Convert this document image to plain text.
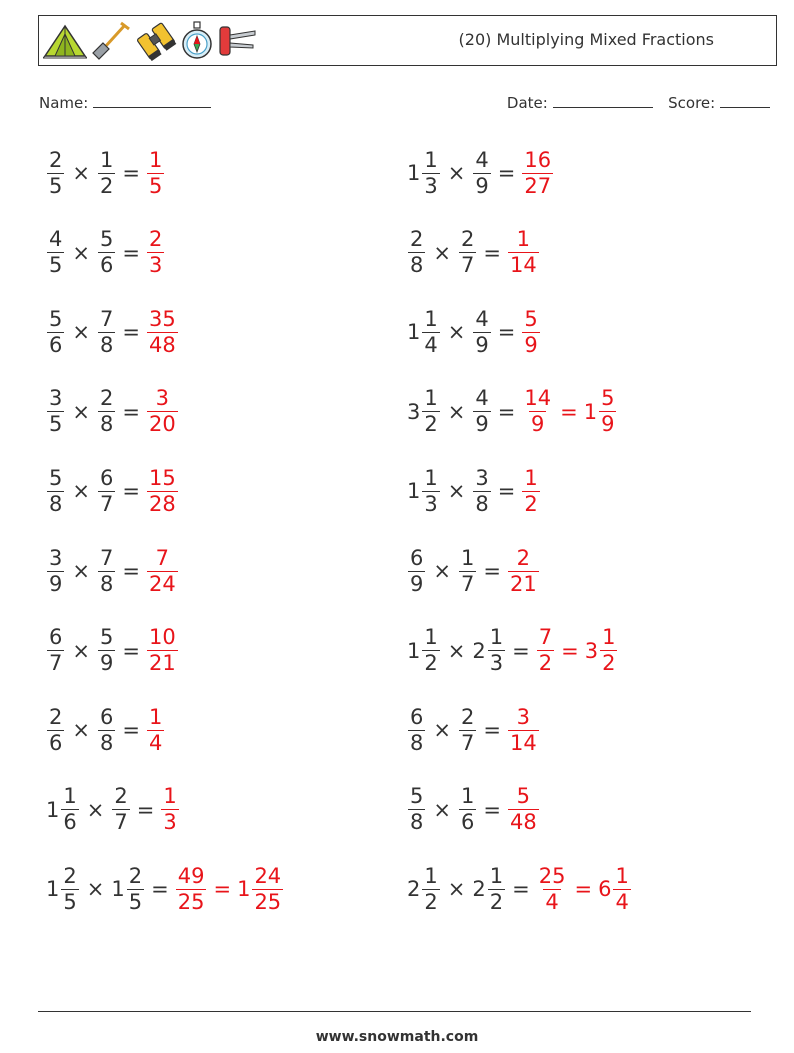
(20) Multiplying Mixed Fractions
Name:	Date:	Score:
$\frac{2}{5} \times \frac{1}{2} = \frac{1}{5}$
$\frac{4}{5} \times \frac{5}{6} = \frac{2}{3}$
$\frac{5}{6} \times \frac{7}{8} = \frac{35}{48}$
$\frac{3}{5} \times \frac{2}{8} = \frac{3}{20}$
$\frac{5}{8} \times \frac{6}{7} = \frac{15}{28}$
$\frac{3}{9} \times \frac{7}{8} = \frac{7}{24}$
$\frac{6}{7} \times \frac{5}{9} = \frac{10}{21}$
$\frac{2}{6} \times \frac{6}{8} = \frac{1}{4}$
$1 \frac{1}{6} \times \frac{2}{7} = \frac{1}{3}$
$1 \frac{2}{5} \times 1 \frac{2}{5} = \frac{49}{25} = 1 \frac{24}{25}$
$1 \frac{1}{3} \times \frac{4}{9} = \frac{16}{27}$
$\frac{2}{8} \times \frac{2}{7} = \frac{1}{14}$
$1 \frac{1}{4} \times \frac{4}{9} = \frac{5}{9}$
$3 \frac{1}{2} \times \frac{4}{9} = \frac{14}{9} = 1 \frac{5}{9}$
$1 \frac{1}{3} \times \frac{3}{8} = \frac{1}{2}$
$\frac{6}{9} \times \frac{1}{7} = \frac{2}{21}$
$1 \frac{1}{2} \times 2 \frac{1}{3} = \frac{7}{2} = 3 \frac{1}{2}$
$\frac{6}{8} \times \frac{2}{7} = \frac{3}{14}$
$\frac{5}{8} \times \frac{1}{6} = \frac{5}{48}$
$2 \frac{1}{2} \times 2 \frac{1}{2} = \frac{25}{4} = 6 \frac{1}{4}$
www.snowmath.com
